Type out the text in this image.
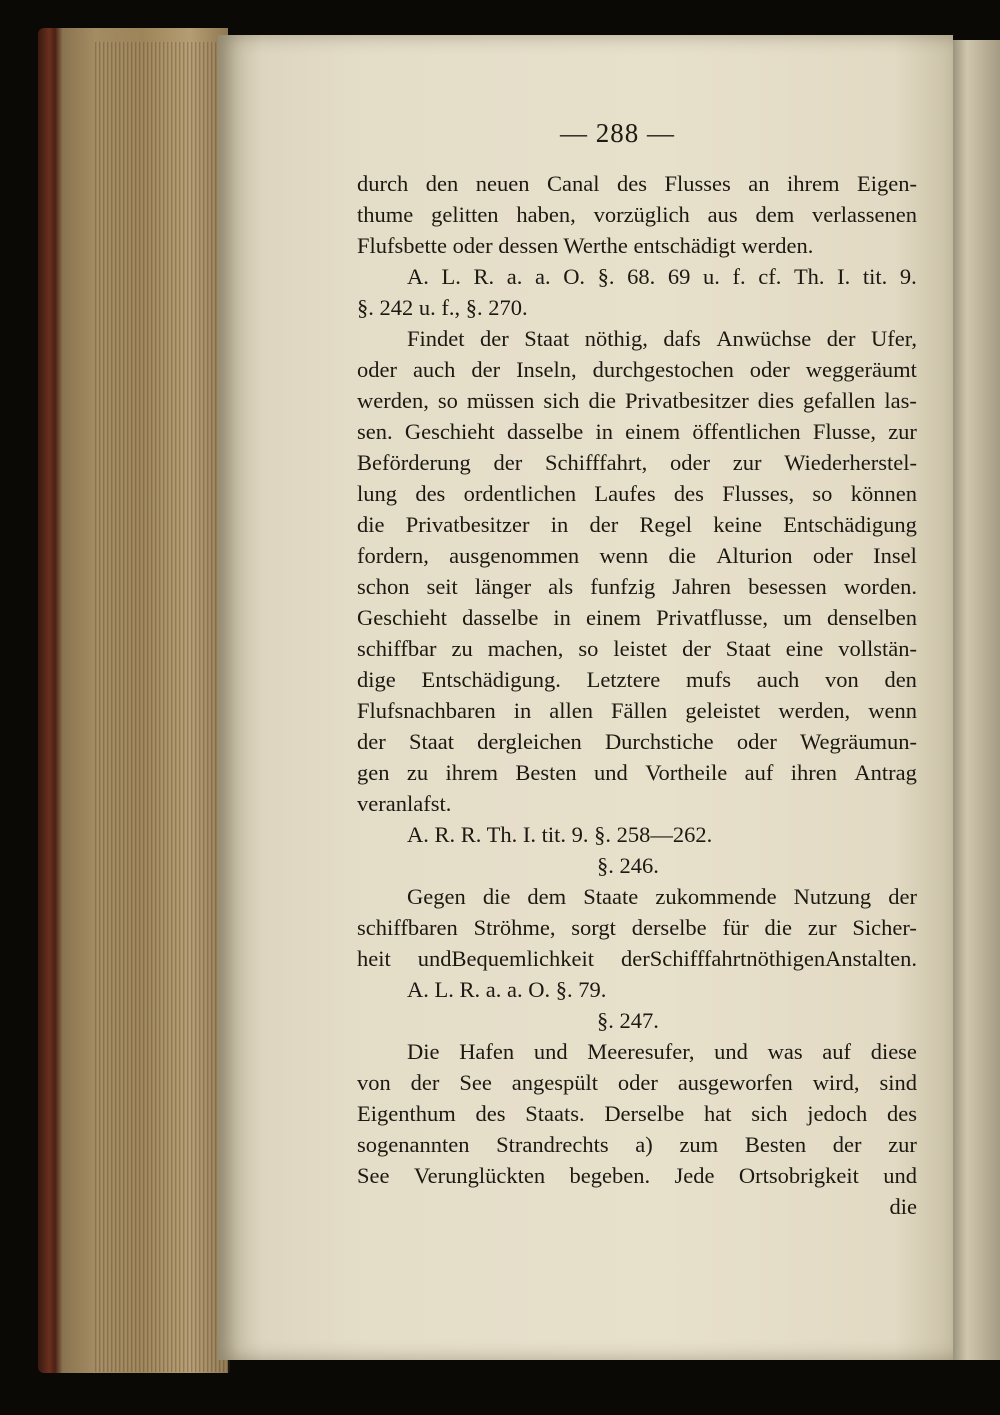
— 288 —
durch den neuen Canal des Flusses an ihrem Eigen-
thume gelitten haben, vorzüglich aus dem verlassenen
Flufsbette oder dessen Werthe entschädigt werden.
A. L. R. a. a. O. §. 68. 69 u. f. cf. Th. I. tit. 9.
§. 242 u. f., §. 270.
Findet der Staat nöthig, dafs Anwüchse der Ufer,
oder auch der Inseln, durchgestochen oder weggeräumt
werden, so müssen sich die Privatbesitzer dies gefallen las-
sen. Geschieht dasselbe in einem öffentlichen Flusse, zur
Beförderung der Schifffahrt, oder zur Wiederherstel-
lung des ordentlichen Laufes des Flusses, so können
die Privatbesitzer in der Regel keine Entschädigung
fordern, ausgenommen wenn die Alturion oder Insel
schon seit länger als funfzig Jahren besessen worden.
Geschieht dasselbe in einem Privatflusse, um denselben
schiffbar zu machen, so leistet der Staat eine vollstän-
dige Entschädigung. Letztere mufs auch von den
Flufsnachbaren in allen Fällen geleistet werden, wenn
der Staat dergleichen Durchstiche oder Wegräumun-
gen zu ihrem Besten und Vortheile auf ihren Antrag
veranlafst.
A. R. R. Th. I. tit. 9. §. 258—262.
§. 246.
Gegen die dem Staate zukommende Nutzung der
schiffbaren Ströhme, sorgt derselbe für die zur Sicher-
heit undBequemlichkeit derSchifffahrtnöthigenAnstalten.
A. L. R. a. a. O. §. 79.
§. 247.
Die Hafen und Meeresufer, und was auf diese
von der See angespült oder ausgeworfen wird, sind
Eigenthum des Staats. Derselbe hat sich jedoch des
sogenannten Strandrechts a) zum Besten der zur
See Verunglückten begeben. Jede Ortsobrigkeit und
die
